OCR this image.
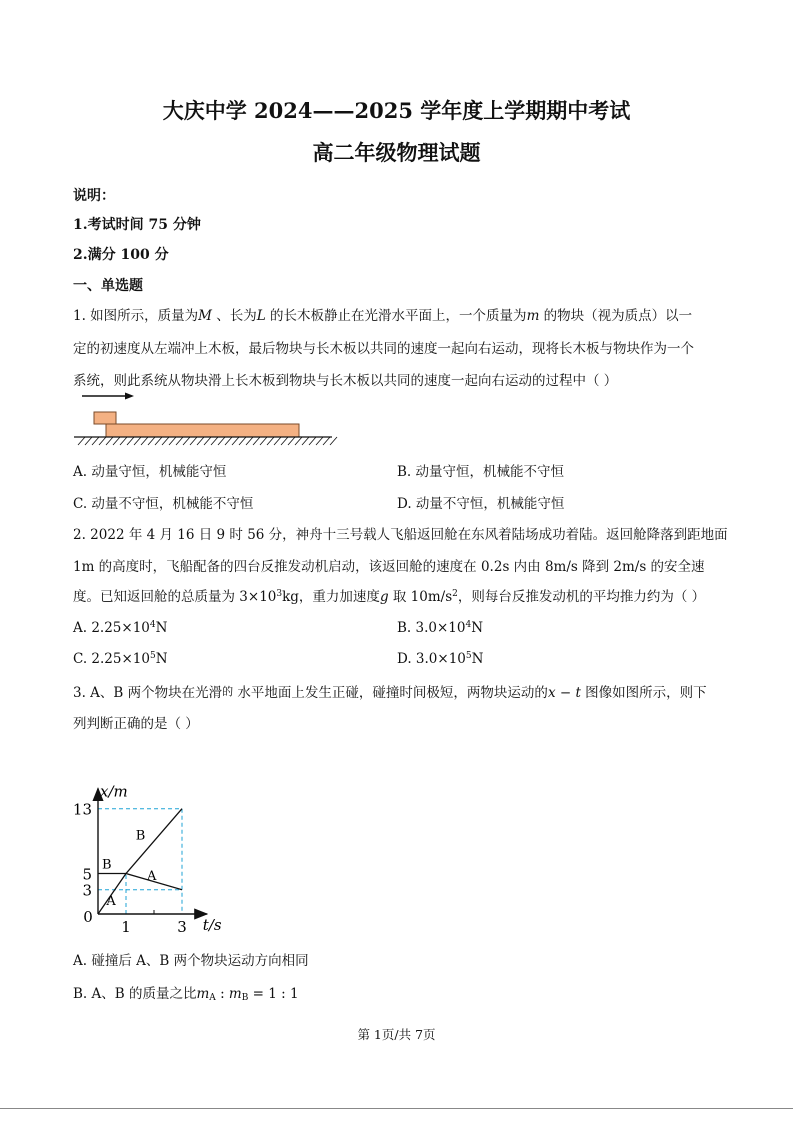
大庆中学 2024——2025 学年度上学期期中考试
高二年级物理试题
说明：
1.考试时间 75 分钟
2.满分 100 分
一、单选题
1. 如图所示，质量为M 、长为L 的长木板静止在光滑水平面上，一个质量为m 的物块（视为质点）以一
定的初速度从左端冲上木板，最后物块与长木板以共同的速度一起向右运动，现将长木板与物块作为一个
系统，则此系统从物块滑上长木板到物块与长木板以共同的速度一起向右运动的过程中（ ）
A. 动量守恒，机械能守恒	B. 动量守恒，机械能不守恒
C. 动量不守恒，机械能不守恒	D. 动量不守恒，机械能守恒
2. 2022 年 4 月 16 日 9 时 56 分，神舟十三号载人飞船返回舱在东风着陆场成功着陆。返回舱降落到距地面
1m 的高度时，飞船配备的四台反推发动机启动，该返回舱的速度在 0.2s 内由 8m/s 降到 2m/s 的安全速
度。已知返回舱的总质量为 $3\times 10^3kg$，重力加速度g 取 $10m/s^2$，则每台反推发动机的平均推力约为（ ）
A. $2.25\times 10^4N$	B. $3.0\times 10^4N$
C. $2.25\times 10^5N$	D. $3.0\times 10^5N$
3. A、B 两个物块在光滑的 水平地面上发生正碰，碰撞时间极短，两物块运动的x − t 图像如图所示，则下
列判断正确的是（ ）
B
B
A
A
0
1	3
3
5
13
t/s
x/m
A. 碰撞后 A、B 两个物块运动方向相同
B. A、B 的质量之比$m_A$ : $m_B = 1$ : 1
第 1页/共 7页
